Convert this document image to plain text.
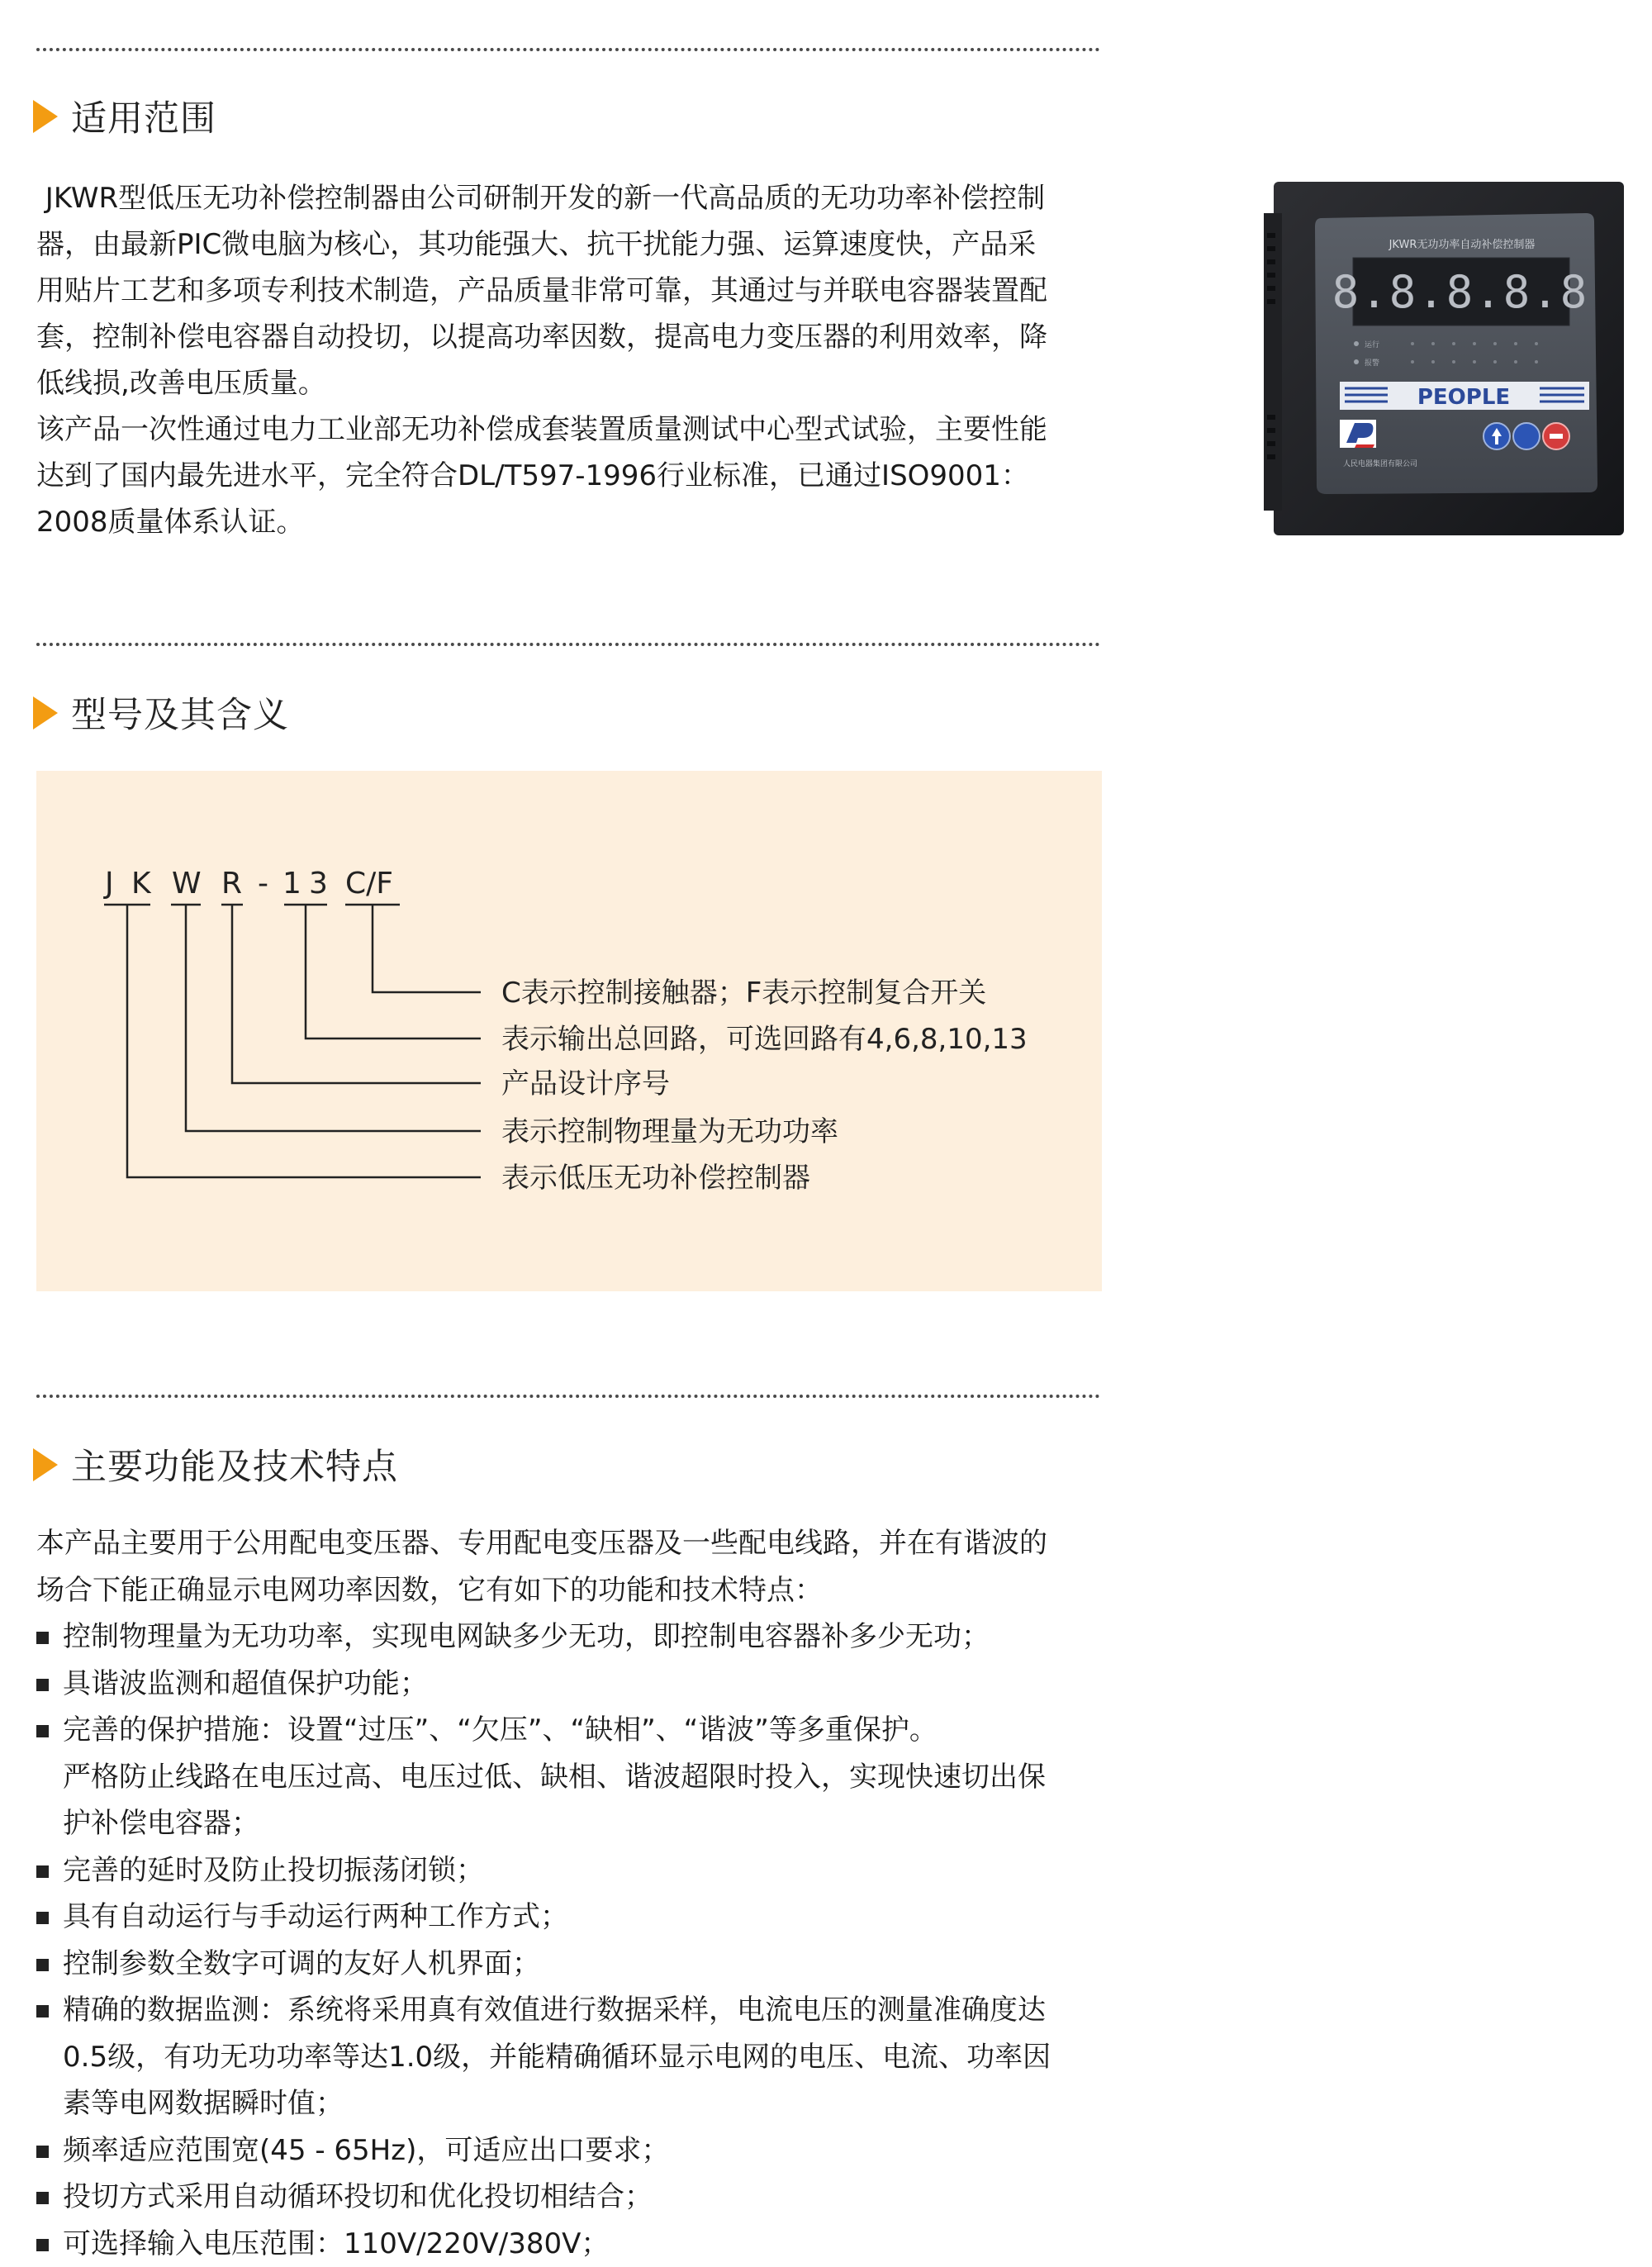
适用范围

JKWR型低压无功补偿控制器由公司研制开发的新一代高品质的无功功率补偿控制

器，由最新PIC微电脑为核心，其功能强大、抗干扰能力强、运算速度快，产品采

用贴片工艺和多项专利技术制造，产品质量非常可靠，其通过与并联电容器装置配

套，控制补偿电容器自动投切，以提高功率因数，提高电力变压器的利用效率，降

低线损,改善电压质量。

该产品一次性通过电力工业部无功补偿成套装置质量测试中心型式试验，主要性能

达到了国内最先进水平，完全符合DL/T597-1996行业标准，已通过ISO9001：

2008质量体系认证。

JKWR无功功率自动补偿控制器
8.8.8.8.8
运行
报警
PEOPLE
人民电器集团有限公司
型号及其含义
J K W R - 1 3 C/F
C表示控制接触器；F表示控制复合开关
表示输出总回路，可选回路有4,6,8,10,13
产品设计序号
表示控制物理量为无功功率
表示低压无功补偿控制器
主要功能及技术特点

本产品主要用于公用配电变压器、专用配电变压器及一些配电线路，并在有谐波的

场合下能正确显示电网功率因数，它有如下的功能和技术特点：

控制物理量为无功功率，实现电网缺多少无功，即控制电容器补多少无功；
具谐波监测和超值保护功能；

完善的保护措施：设置“过压”、“欠压”、“缺相”、“谐波”等多重保护。

严格防止线路在电压过高、电压过低、缺相、谐波超限时投入，实现快速切出保

护补偿电容器；

完善的延时及防止投切振荡闭锁；
具有自动运行与手动运行两种工作方式；
控制参数全数字可调的友好人机界面；

精确的数据监测：系统将采用真有效值进行数据采样，电流电压的测量准确度达

0.5级，有功无功功率等达1.0级，并能精确循环显示电网的电压、电流、功率因

素等电网数据瞬时值；

频率适应范围宽(45 - 65Hz)，可适应出口要求；
投切方式采用自动循环投切和优化投切相结合；
可选择输入电压范围：110V/220V/380V；
